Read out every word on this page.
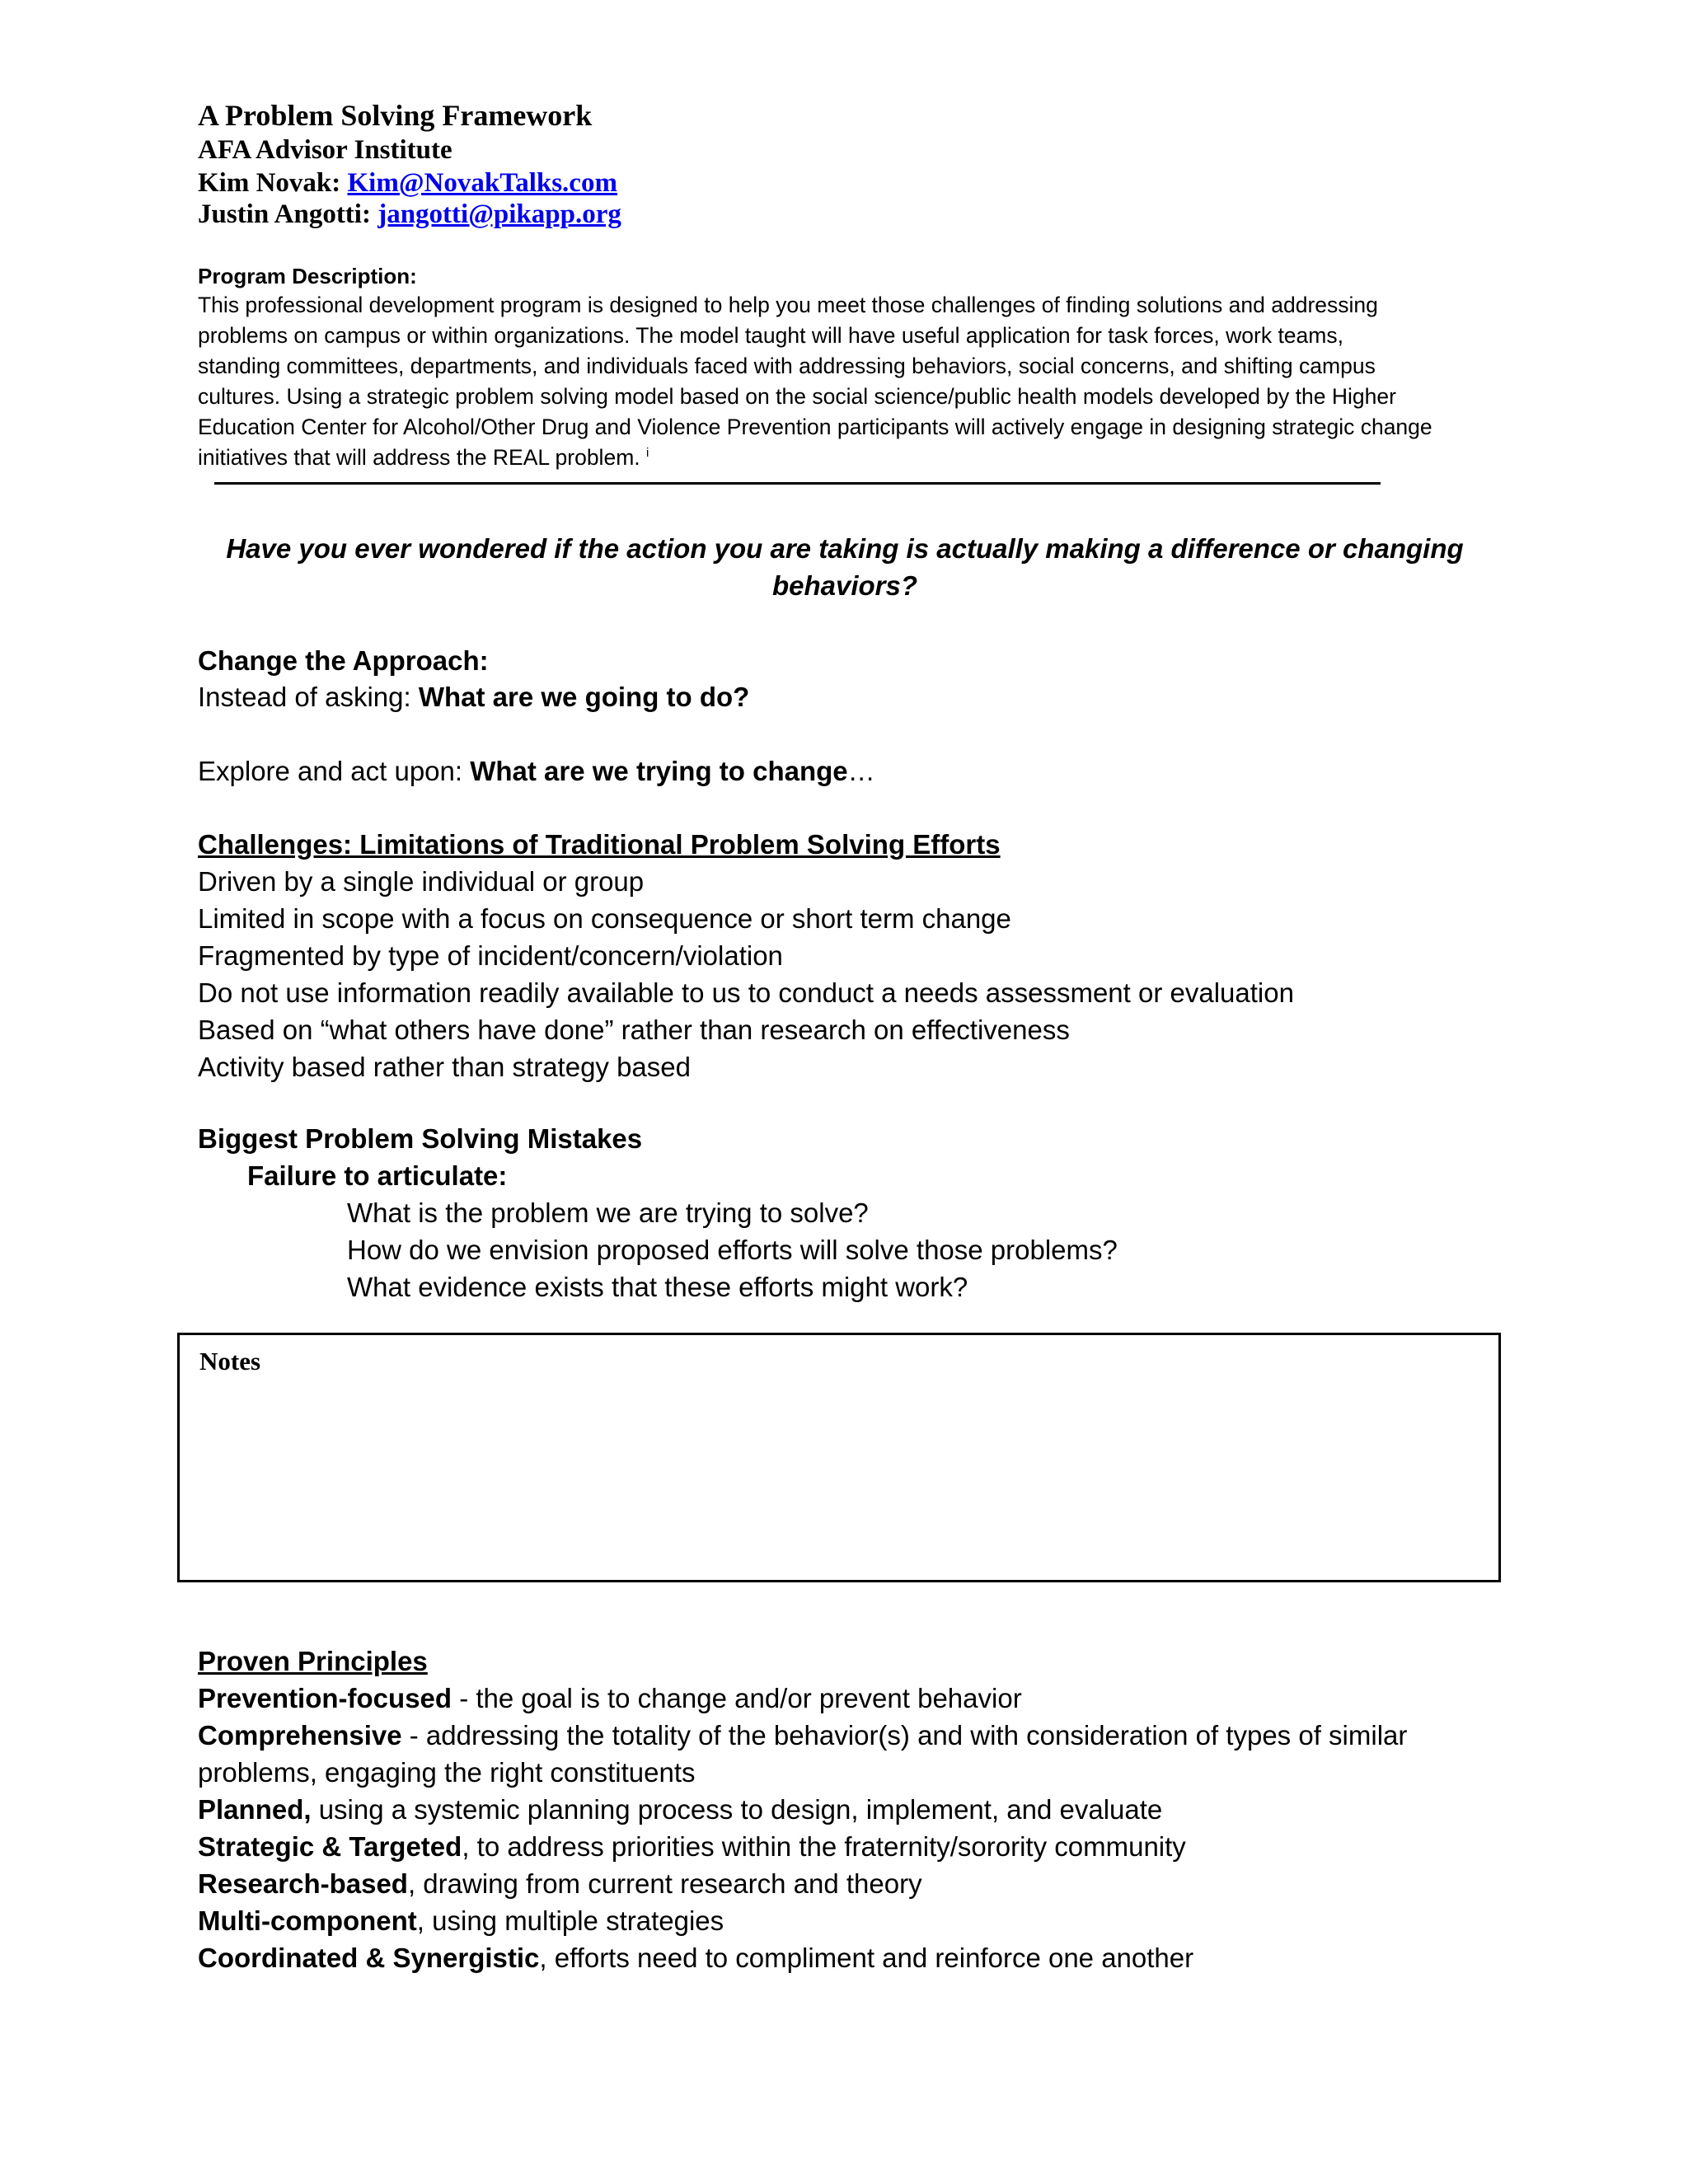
A Problem Solving Framework
AFA Advisor Institute
Kim Novak: Kim@NovakTalks.com
Justin Angotti: jangotti@pikapp.org
Program Description:
This professional development program is designed to help you meet those challenges of finding solutions and addressing
problems on campus or within organizations. The model taught will have useful application for task forces, work teams,
standing committees, departments, and individuals faced with addressing behaviors, social concerns, and shifting campus
cultures. Using a strategic problem solving model based on the social science/public health models developed by the Higher
Education Center for Alcohol/Other Drug and Violence Prevention participants will actively engage in designing strategic change
initiatives that will address the REAL problem. $^i$
Have you ever wondered if the action you are taking is actually making a difference or changing
behaviors?
Change the Approach:
Instead of asking: What are we going to do?
Explore and act upon: What are we trying to change…
Challenges: Limitations of Traditional Problem Solving Efforts
Driven by a single individual or group
Limited in scope with a focus on consequence or short term change
Fragmented by type of incident/concern/violation
Do not use information readily available to us to conduct a needs assessment or evaluation
Based on “what others have done” rather than research on effectiveness
Activity based rather than strategy based
Biggest Problem Solving Mistakes
Failure to articulate:
What is the problem we are trying to solve?
How do we envision proposed efforts will solve those problems?
What evidence exists that these efforts might work?
Notes
Proven Principles
Prevention-focused - the goal is to change and/or prevent behavior
Comprehensive - addressing the totality of the behavior(s) and with consideration of types of similar
problems, engaging the right constituents
Planned, using a systemic planning process to design, implement, and evaluate
Strategic & Targeted, to address priorities within the fraternity/sorority community
Research-based, drawing from current research and theory
Multi-component, using multiple strategies
Coordinated & Synergistic, efforts need to compliment and reinforce one another
